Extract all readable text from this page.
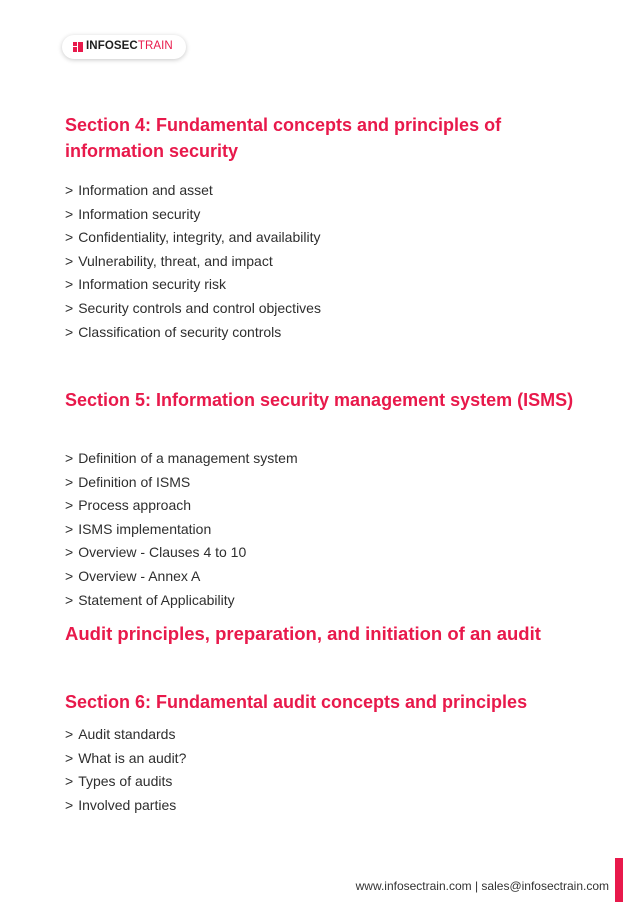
INFOSECTRAIN
Section 4: Fundamental concepts and principles of information security
> Information and asset
> Information security
> Confidentiality, integrity, and availability
> Vulnerability, threat, and impact
> Information security risk
> Security controls and control objectives
> Classification of security controls
Section 5: Information security management system (ISMS)
> Definition of a management system
> Definition of ISMS
> Process approach
> ISMS implementation
> Overview - Clauses 4 to 10
> Overview - Annex A
> Statement of Applicability
Audit principles, preparation, and initiation of an audit
Section 6: Fundamental audit concepts and principles
> Audit standards
> What is an audit?
> Types of audits
> Involved parties
www.infosectrain.com | sales@infosectrain.com
